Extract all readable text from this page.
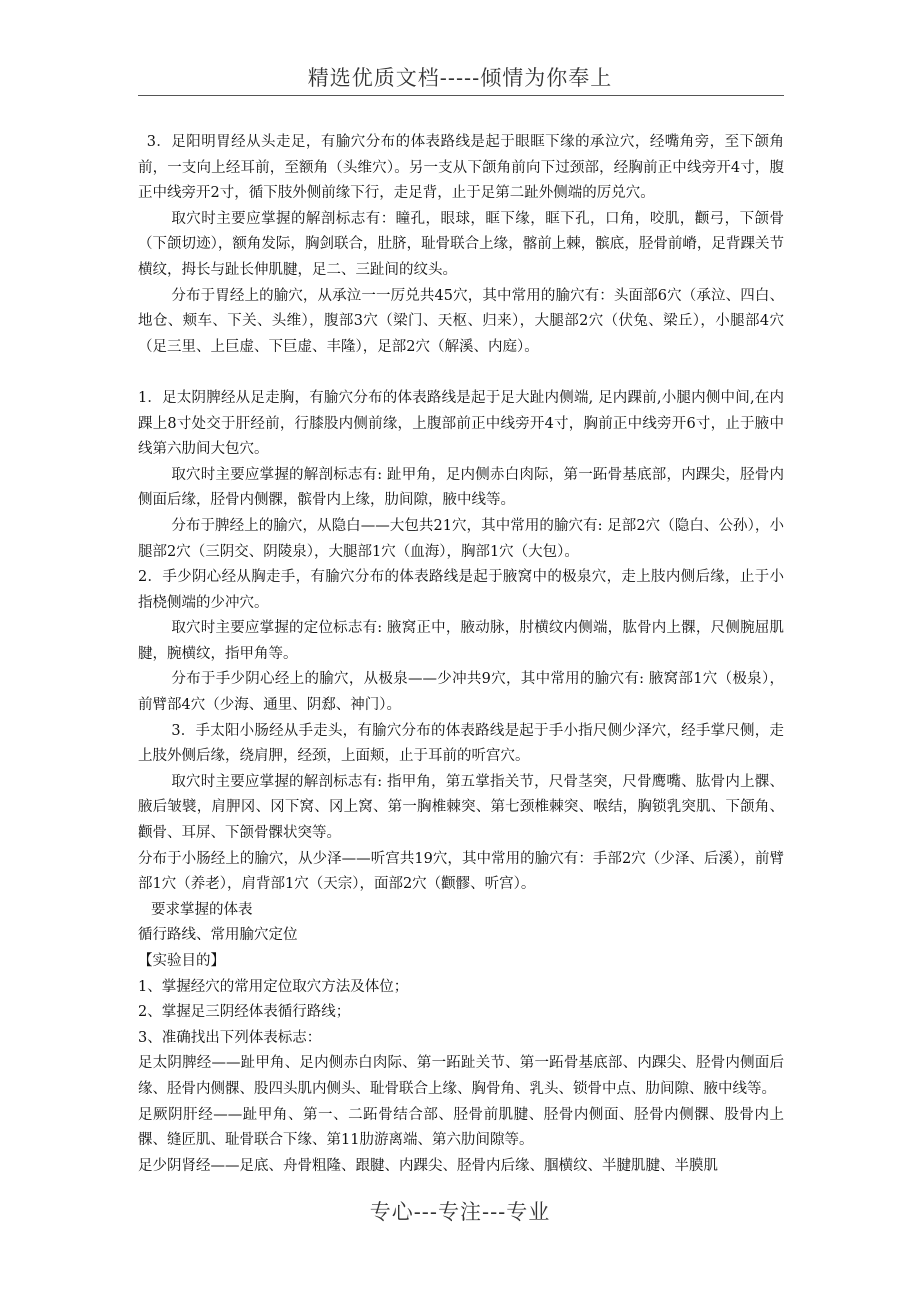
精选优质文档-----倾情为你奉上

3．足阳明胃经从头走足，有腧穴分布的体表路线是起于眼眶下缘的承泣穴，经嘴角旁，至下颌角前，一支向上经耳前，至额角（头维穴）。另一支从下颌角前向下过颈部，经胸前正中线旁开4寸，腹正中线旁开2寸，循下肢外侧前缘下行，走足背，止于足第二趾外侧端的厉兑穴。

取穴时主要应掌握的解剖标志有：瞳孔，眼球，眶下缘，眶下孔，口角，咬肌，颧弓，下颌骨（下颌切迹），额角发际，胸剑联合，肚脐，耻骨联合上缘，髂前上棘，髌底，胫骨前嵴，足背踝关节横纹，拇长与趾长伸肌腱，足二、三趾间的纹头。

分布于胃经上的腧穴，从承泣一一厉兑共45穴，其中常用的腧穴有：头面部6穴（承泣、四白、地仓、颊车、下关、头维），腹部3穴（梁门、天枢、归来），大腿部2穴（伏兔、梁丘），小腿部4穴（足三里、上巨虚、下巨虚、丰隆），足部2穴（解溪、内庭）。

1．足太阴脾经从足走胸，有腧穴分布的体表路线是起于足大趾内侧端, 足内踝前,小腿内侧中间,在内踝上8寸处交于肝经前，行膝股内侧前缘，上腹部前正中线旁开4寸，胸前正中线旁开6寸，止于腋中线第六肋间大包穴。

取穴时主要应掌握的解剖标志有: 趾甲角，足内侧赤白肉际，第一跖骨基底部，内踝尖，胫骨内侧面后缘，胫骨内侧髁，髌骨内上缘，肋间隙，腋中线等。

分布于脾经上的腧穴，从隐白——大包共21穴，其中常用的腧穴有: 足部2穴（隐白、公孙），小腿部2穴（三阴交、阴陵泉），大腿部1穴（血海），胸部1穴（大包）。

2．手少阴心经从胸走手，有腧穴分布的体表路线是起于腋窝中的极泉穴，走上肢内侧后缘，止于小指桡侧端的少冲穴。

取穴时主要应掌握的定位标志有: 腋窝正中，腋动脉，肘横纹内侧端，肱骨内上髁，尺侧腕屈肌腱，腕横纹，指甲角等。

分布于手少阴心经上的腧穴，从极泉——少冲共9穴，其中常用的腧穴有: 腋窝部1穴（极泉），前臂部4穴（少海、通里、阴郄、神门）。

3．手太阳小肠经从手走头，有腧穴分布的体表路线是起于手小指尺侧少泽穴，经手掌尺侧，走上肢外侧后缘，绕肩胛，经颈，上面颊，止于耳前的听宫穴。

取穴时主要应掌握的解剖标志有: 指甲角，第五掌指关节，尺骨茎突，尺骨鹰嘴、肱骨内上髁、腋后皱襞，肩胛冈、冈下窝、冈上窝、第一胸椎棘突、第七颈椎棘突、喉结，胸锁乳突肌、下颌角、颧骨、耳屏、下颌骨髁状突等。

分布于小肠经上的腧穴，从少泽——听宫共19穴，其中常用的腧穴有：手部2穴（少泽、后溪），前臂部1穴（养老），肩背部1穴（天宗），面部2穴（颧髎、听宫）。

要求掌握的体表

循行路线、常用腧穴定位

【实验目的】

1、掌握经穴的常用定位取穴方法及体位；

2、掌握足三阴经体表循行路线；

3、准确找出下列体表标志：

足太阴脾经——趾甲角、足内侧赤白肉际、第一跖趾关节、第一跖骨基底部、内踝尖、胫骨内侧面后缘、胫骨内侧髁、股四头肌内侧头、耻骨联合上缘、胸骨角、乳头、锁骨中点、肋间隙、腋中线等。

足厥阴肝经——趾甲角、第一、二跖骨结合部、胫骨前肌腱、胫骨内侧面、胫骨内侧髁、股骨内上髁、缝匠肌、耻骨联合下缘、第11肋游离端、第六肋间隙等。

足少阴肾经——足底、舟骨粗隆、跟腱、内踝尖、胫骨内后缘、腘横纹、半腱肌腱、半膜肌

专心---专注---专业
